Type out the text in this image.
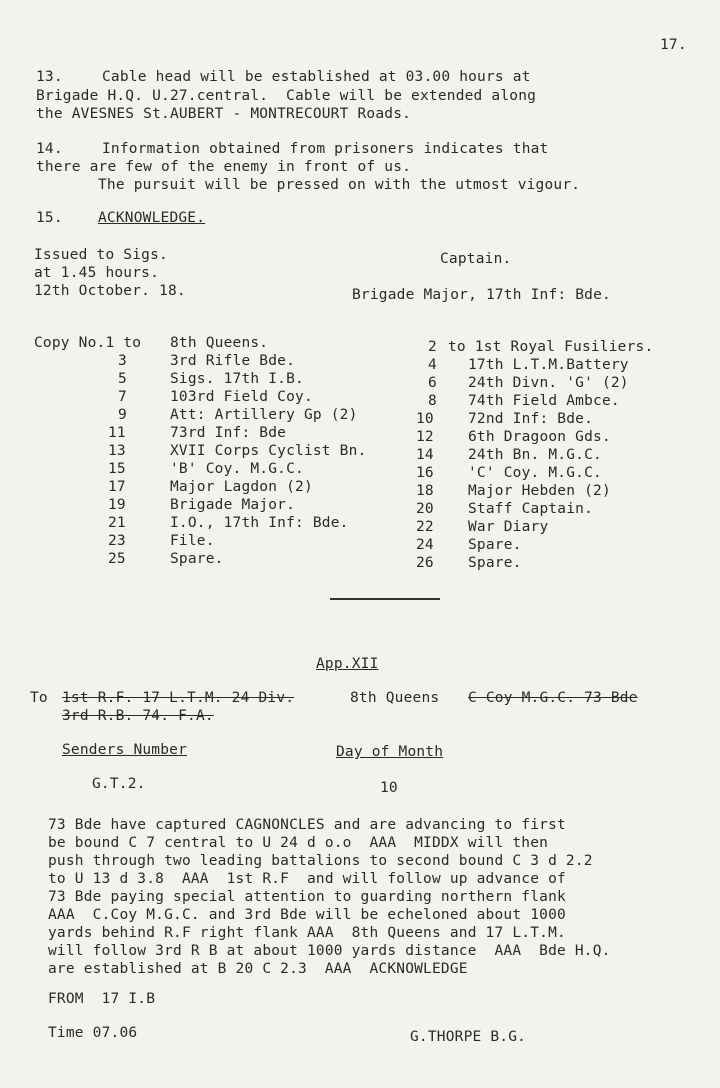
17.
13.	Cable head will be established at 03.00 hours at
Brigade H.Q. U.27.central.  Cable will be extended along
the AVESNES St.AUBERT - MONTRECOURT Roads.
14.	Information obtained from prisoners indicates that
there are few of the enemy in front of us.
The pursuit will be pressed on with the utmost vigour.
15. ACKNOWLEDGE.
Issued to Sigs.
at 1.45 hours.
12th October. 18.
Captain.
Brigade Major, 17th Inf: Bde.
Copy No.1 to 8th Queens.
3	3rd Rifle Bde.
5	Sigs. 17th I.B.
7	103rd Field Coy.
9	Att: Artillery Gp (2)
11	73rd Inf: Bde
13	XVII Corps Cyclist Bn.
15	'B' Coy. M.G.C.
17	Major Lagdon (2)
19	Brigade Major.
21	I.O., 17th Inf: Bde.
23	File.
25	Spare.
2 to 1st Royal Fusiliers.
4 17th L.T.M.Battery
6 24th Divn. 'G' (2)
8 74th Field Ambce.
10 72nd Inf: Bde.
12 6th Dragoon Gds.
14 24th Bn. M.G.C.
16 'C' Coy. M.G.C.
18 Major Hebden (2)
20 Staff Captain.
22 War Diary
24 Spare.
26 Spare.
App.XII
To 1st R.F. 17 L.T.M. 24 Div.	8th Queens C Coy M.G.C. 73 Bde
3rd R.B. 74. F.A.
Senders Number	Day of Month
G.T.2.	10
73 Bde have captured CAGNONCLES and are advancing to first
be bound C 7 central to U 24 d o.o  AAA  MIDDX will then
push through two leading battalions to second bound C 3 d 2.2
to U 13 d 3.8  AAA  1st R.F  and will follow up advance of
73 Bde paying special attention to guarding northern flank
AAA  C.Coy M.G.C. and 3rd Bde will be echeloned about 1000
yards behind R.F right flank AAA  8th Queens and 17 L.T.M.
will follow 3rd R B at about 1000 yards distance  AAA  Bde H.Q.
are established at B 20 C 2.3  AAA  ACKNOWLEDGE
FROM  17 I.B
Time 07.06	G.THORPE B.G.
